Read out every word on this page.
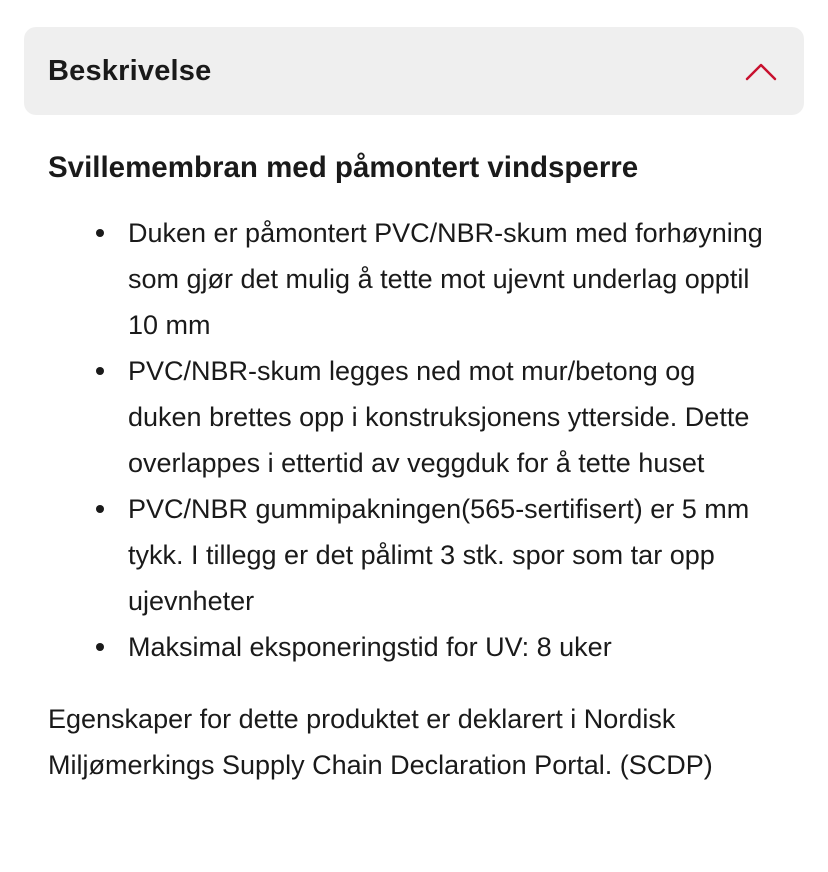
Beskrivelse
Svillemembran med påmontert vindsperre
Duken er påmontert PVC/NBR-skum med forhøyning som gjør det mulig å tette mot ujevnt underlag opptil 10 mm
PVC/NBR-skum legges ned mot mur/betong og duken brettes opp i konstruksjonens ytterside. Dette overlappes i ettertid av veggduk for å tette huset
PVC/NBR gummipakningen(565-sertifisert) er 5 mm tykk. I tillegg er det pålimt 3 stk. spor som tar opp ujevnheter
Maksimal eksponeringstid for UV: 8 uker

Egenskaper for dette produktet er deklarert i Nordisk Miljømerkings Supply Chain Declaration Portal. (SCDP)
